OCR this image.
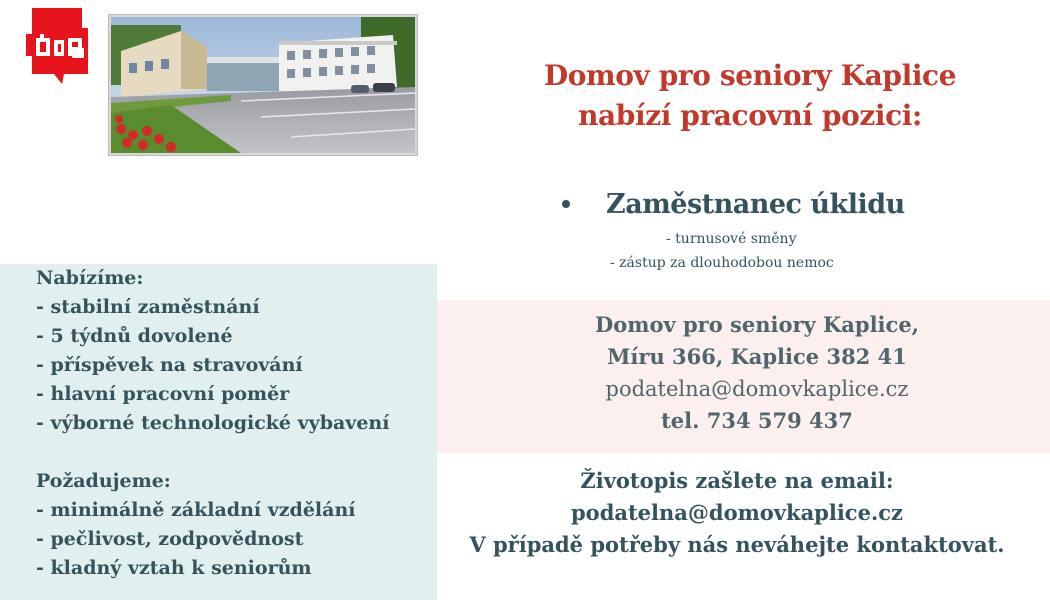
Domov pro seniory Kaplice
nabízí pracovní pozici:
Zaměstnanec úklidu
- turnusové směny
- zástup za dlouhodobou nemoc
Nabízíme:
- stabilní zaměstnání
- 5 týdnů dovolené
- příspěvek na stravování
- hlavní pracovní poměr
- výborné technologické vybavení
Požadujeme:
- minimálně základní vzdělání
- pečlivost, zodpovědnost
- kladný vztah k seniorům
Domov pro seniory Kaplice,
Míru 366, Kaplice 382 41
podatelna@domovkaplice.cz
tel. 734 579 437
Životopis zašlete na email:
podatelna@domovkaplice.cz
V případě potřeby nás neváhejte kontaktovat.
